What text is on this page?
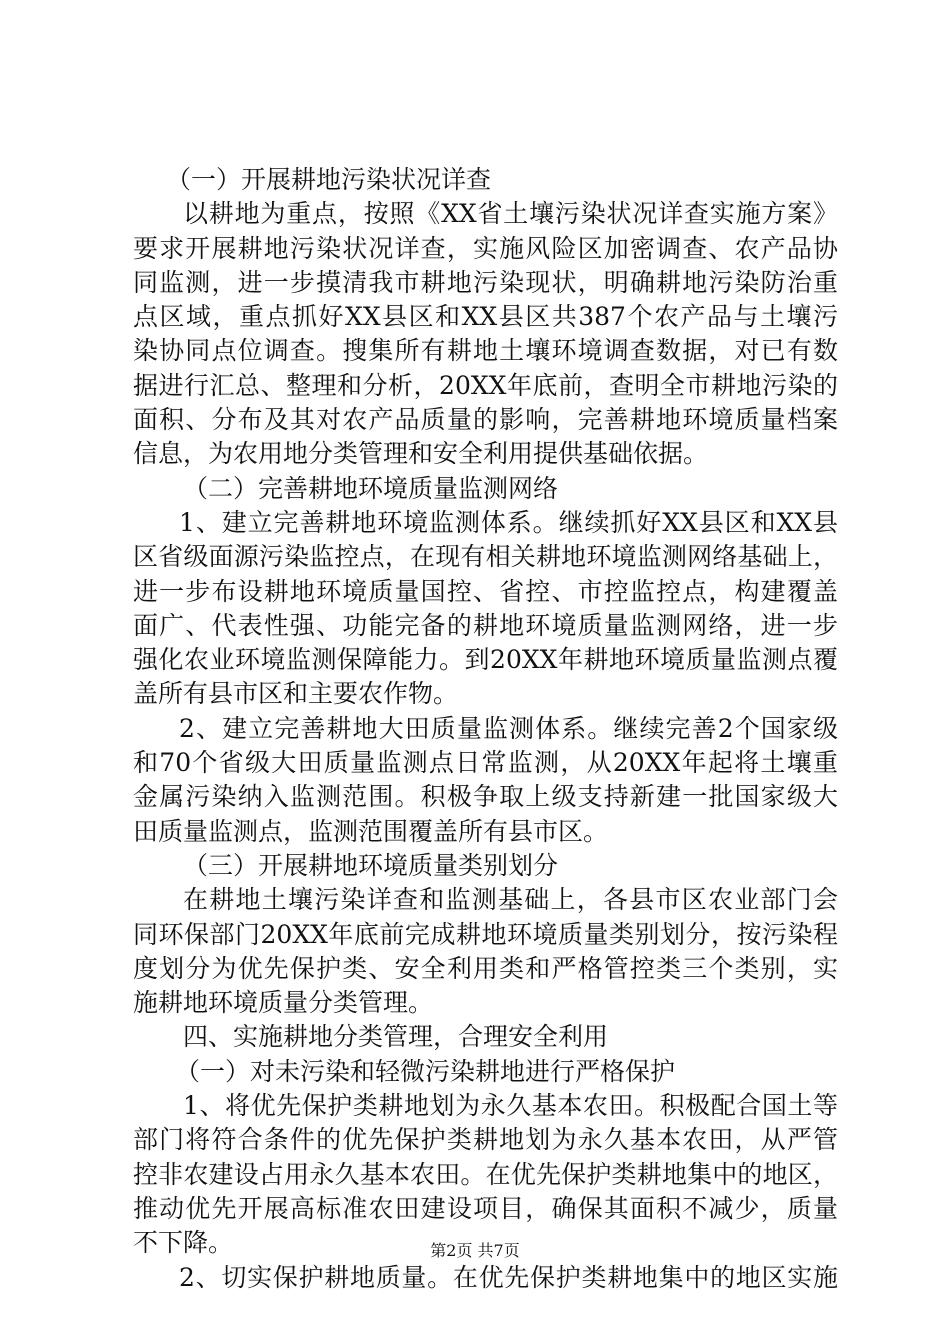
（一）开展耕地污染状况详查
以耕地为重点，按照《XX省土壤污染状况详查实施方案》
要求开展耕地污染状况详查，实施风险区加密调查、农产品协
同监测，进一步摸清我市耕地污染现状，明确耕地污染防治重
点区域，重点抓好XX县区和XX县区共387个农产品与土壤污
染协同点位调查。搜集所有耕地土壤环境调查数据，对已有数
据进行汇总、整理和分析，20XX年底前，查明全市耕地污染的
面积、分布及其对农产品质量的影响，完善耕地环境质量档案
信息，为农用地分类管理和安全利用提供基础依据。
（二）完善耕地环境质量监测网络
1、建立完善耕地环境监测体系。继续抓好XX县区和XX县
区省级面源污染监控点，在现有相关耕地环境监测网络基础上，
进一步布设耕地环境质量国控、省控、市控监控点，构建覆盖
面广、代表性强、功能完备的耕地环境质量监测网络，进一步
强化农业环境监测保障能力。到20XX年耕地环境质量监测点覆
盖所有县市区和主要农作物。
2、建立完善耕地大田质量监测体系。继续完善2个国家级
和70个省级大田质量监测点日常监测，从20XX年起将土壤重
金属污染纳入监测范围。积极争取上级支持新建一批国家级大
田质量监测点，监测范围覆盖所有县市区。
（三）开展耕地环境质量类别划分
在耕地土壤污染详查和监测基础上，各县市区农业部门会
同环保部门20XX年底前完成耕地环境质量类别划分，按污染程
度划分为优先保护类、安全利用类和严格管控类三个类别，实
施耕地环境质量分类管理。
四、实施耕地分类管理，合理安全利用
（一）对未污染和轻微污染耕地进行严格保护
1、将优先保护类耕地划为永久基本农田。积极配合国土等
部门将符合条件的优先保护类耕地划为永久基本农田，从严管
控非农建设占用永久基本农田。在优先保护类耕地集中的地区，
推动优先开展高标准农田建设项目，确保其面积不减少，质量
不下降。
2、切实保护耕地质量。在优先保护类耕地集中的地区实施
第2页 共7页
